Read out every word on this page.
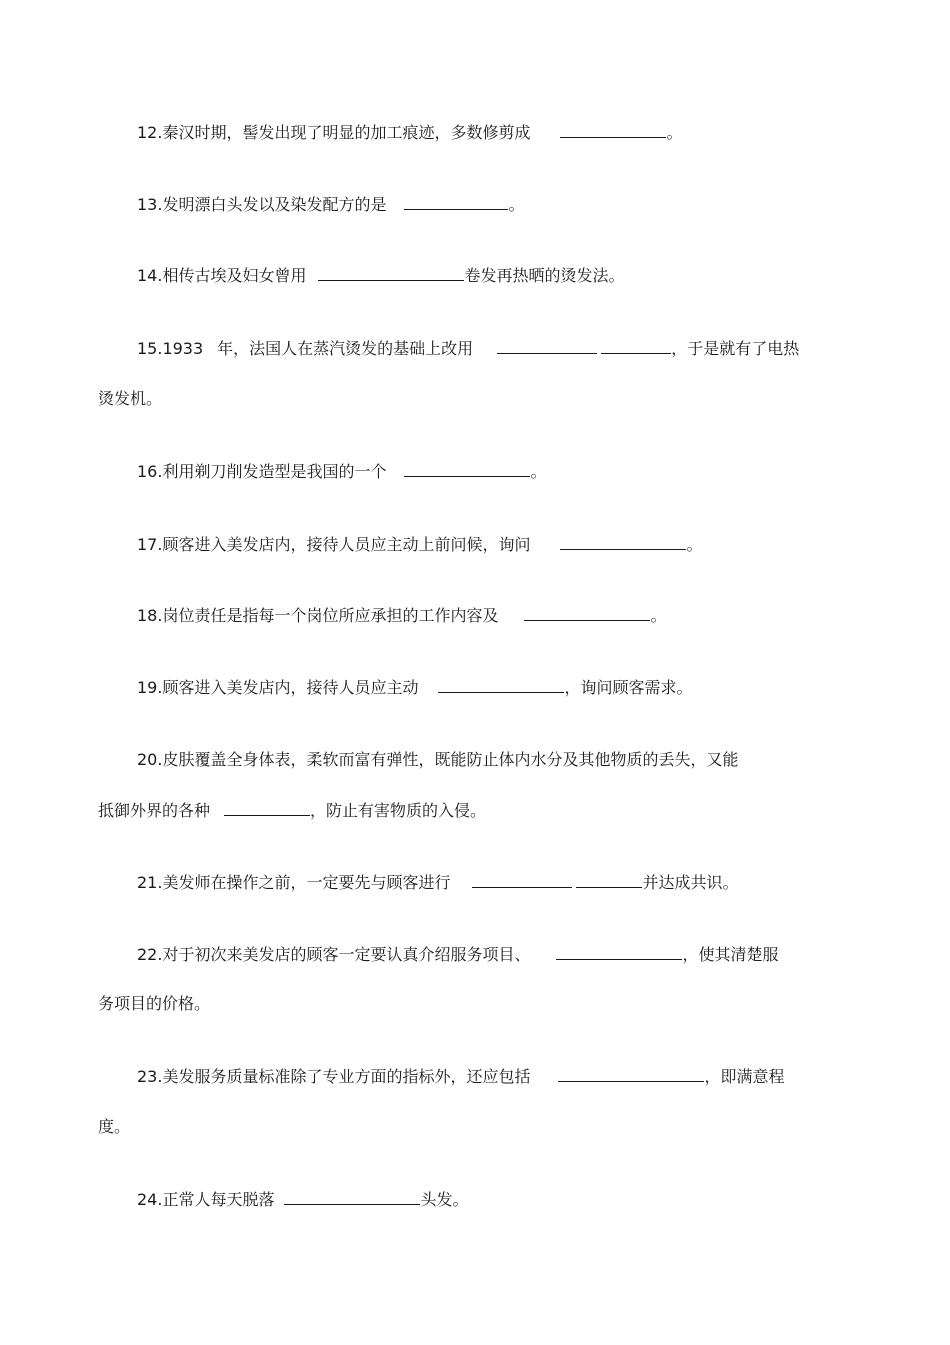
12.秦汉时期，髻发出现了明显的加工痕迹，多数修剪成	。
13.发明漂白头发以及染发配方的是	。
14.相传古埃及妇女曾用	卷发再热晒的烫发法。
15.1933 年，法国人在蒸汽烫发的基础上改用	，于是就有了电热
烫发机。
16.利用剃刀削发造型是我国的一个	。
17.顾客进入美发店内，接待人员应主动上前问候，询问	。
18.岗位责任是指每一个岗位所应承担的工作内容及	。
19.顾客进入美发店内，接待人员应主动	，询问顾客需求。
20.皮肤覆盖全身体表，柔软而富有弹性，既能防止体内水分及其他物质的丢失，又能
抵御外界的各种	，防止有害物质的入侵。
21.美发师在操作之前，一定要先与顾客进行	并达成共识。
22.对于初次来美发店的顾客一定要认真介绍服务项目、	，使其清楚服
务项目的价格。
23.美发服务质量标准除了专业方面的指标外，还应包括	，即满意程
度。
24.正常人每天脱落	头发。
